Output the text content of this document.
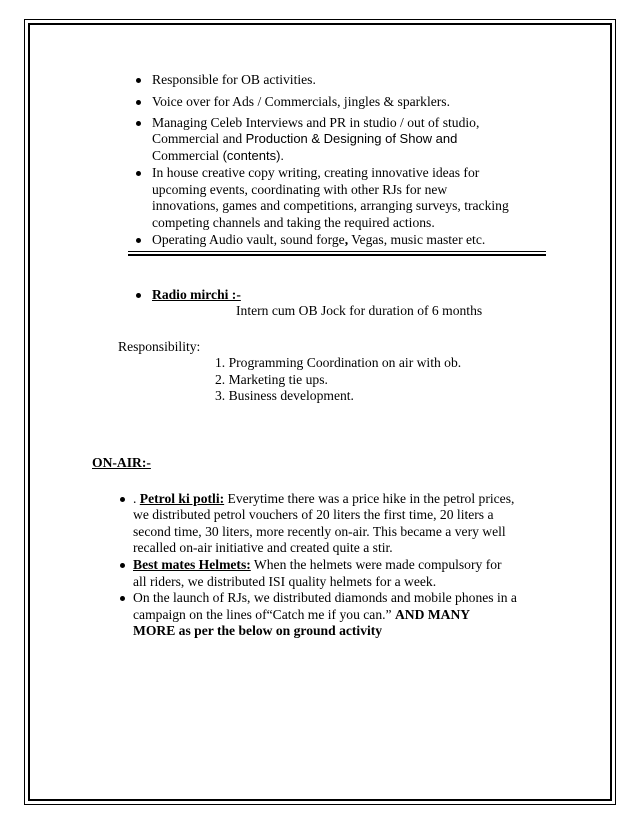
Responsible for OB activities.
Voice over for Ads / Commercials, jingles & sparklers.
Managing Celeb Interviews and PR in studio / out of studio,
Commercial and Production & Designing of Show and
Commercial (contents).
In house creative copy writing, creating innovative ideas for
upcoming events, coordinating with other RJs for new
innovations, games and competitions, arranging surveys, tracking
competing channels and taking the required actions.
Operating Audio vault, sound forge, Vegas, music master etc.
Radio mirchi :-
Intern cum OB Jock for duration of 6 months
Responsibility:
1. Programming Coordination on air with ob.
2. Marketing tie ups.
3. Business development.
ON-AIR:-
. Petrol ki potli: Everytime there was a price hike in the petrol prices,
we distributed petrol vouchers of 20 liters the first time, 20 liters a
second time, 30 liters, more recently on-air. This became a very well
recalled on-air initiative and created quite a stir.
Best mates Helmets: When the helmets were made compulsory for
all riders, we distributed ISI quality helmets for a week.
On the launch of RJs, we distributed diamonds and mobile phones in a
campaign on the lines of“Catch me if you can.” AND MANY
MORE as per the below on ground activity
